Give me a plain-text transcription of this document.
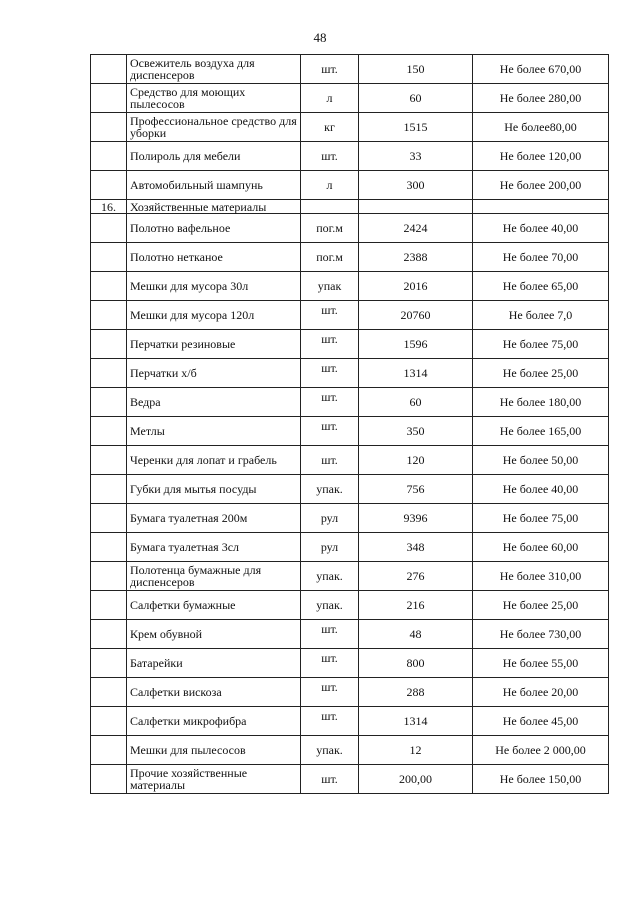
48
	Освежитель воздуха для диспенсеров	шт.	150	Не более 670,00
	Средство для моющих пылесосов	л	60	Не более 280,00
	Профессиональное средство для уборки	кг	1515	Не более80,00
	Полироль для мебели	шт.	33	Не более 120,00
	Автомобильный шампунь	л	300	Не более 200,00
16.	Хозяйственные материалы			
	Полотно вафельное	пог.м	2424	Не более 40,00
	Полотно нетканое	пог.м	2388	Не более 70,00
	Мешки для мусора 30л	упак	2016	Не более 65,00
	Мешки для мусора 120л	шт.	20760	Не более 7,0
	Перчатки резиновые	шт.	1596	Не более 75,00
	Перчатки х/б	шт.	1314	Не более 25,00
	Ведра	шт.	60	Не более 180,00
	Метлы	шт.	350	Не более 165,00
	Черенки для лопат и грабель	шт.	120	Не более 50,00
	Губки для мытья посуды	упак.	756	Не более 40,00
	Бумага туалетная 200м	рул	9396	Не более 75,00
	Бумага туалетная 3сл	рул	348	Не более 60,00
	Полотенца бумажные для диспенсеров	упак.	276	Не более 310,00
	Салфетки бумажные	упак.	216	Не более 25,00
	Крем обувной	шт.	48	Не более 730,00
	Батарейки	шт.	800	Не более 55,00
	Салфетки вискоза	шт.	288	Не более 20,00
	Салфетки микрофибра	шт.	1314	Не более 45,00
	Мешки для пылесосов	упак.	12	Не более 2 000,00
	Прочие хозяйственные материалы	шт.	200,00	Не более 150,00
